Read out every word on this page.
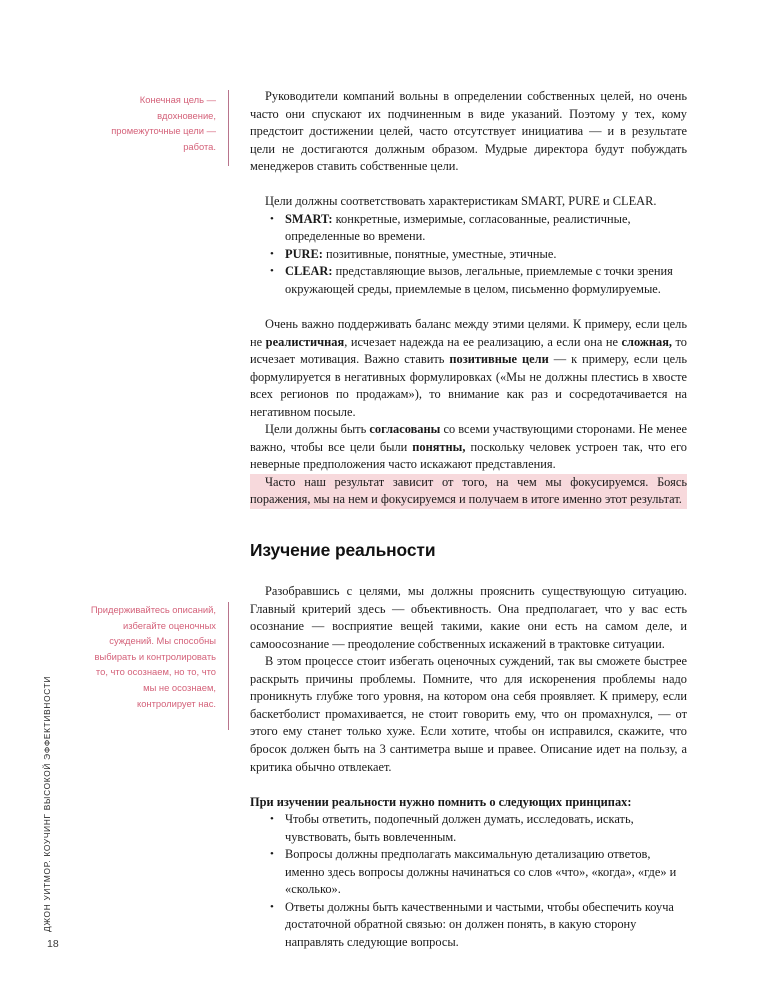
ДЖОН УИТМОР. КОУЧИНГ ВЫСОКОЙ ЭФФЕКТИВНОСТИ
18
Конечная цель — вдохновение, промежуточные цели — работа.
Придерживайтесь описаний, избегайте оценочных суждений. Мы способны выбирать и контролировать то, что осознаем, но то, что мы не осознаем, контролирует нас.

Руководители компаний вольны в определении собственных целей, но очень часто они спускают их подчиненным в виде указаний. Поэтому у тех, кому предстоит достижении целей, часто отсутствует инициатива — и в результате цели не достигаются должным образом. Мудрые директора будут побуждать менеджеров ставить собственные цели.

Цели должны соответствовать характеристикам SMART, PURE и CLEAR.

• SMART: конкретные, измеримые, согласованные, реалистичные, определенные во времени.
• PURE: позитивные, понятные, уместные, этичные.
• CLEAR: представляющие вызов, легальные, приемлемые с точки зрения окружающей среды, приемлемые в целом, письменно формулируемые.

Очень важно поддерживать баланс между этими целями. К примеру, если цель не реалистичная, исчезает надежда на ее реализацию, а если она не сложная, то исчезает мотивация. Важно ставить позитивные цели — к примеру, если цель формулируется в негативных формулировках («Мы не должны плестись в хвосте всех регионов по продажам»), то внимание как раз и сосредотачивается на негативном посыле.

Цели должны быть согласованы со всеми участвующими сторонами. Не менее важно, чтобы все цели были понятны, поскольку человек устроен так, что его неверные предположения часто искажают представления.

Часто наш результат зависит от того, на чем мы фокусируемся. Боясь поражения, мы на нем и фокусируемся и получаем в итоге именно этот результат.

Изучение реальности

Разобравшись с целями, мы должны прояснить существующую ситуацию. Главный критерий здесь — объективность. Она предполагает, что у вас есть осознание — восприятие вещей такими, какие они есть на самом деле, и самоосознание — преодоление собственных искажений в трактовке ситуации.

В этом процессе стоит избегать оценочных суждений, так вы сможете быстрее раскрыть причины проблемы. Помните, что для искоренения проблемы надо проникнуть глубже того уровня, на котором она себя проявляет. К примеру, если баскетболист промахивается, не стоит говорить ему, что он промахнулся, — от этого ему станет только хуже. Если хотите, чтобы он исправился, скажите, что бросок должен быть на 3 сантиметра выше и правее. Описание идет на пользу, а критика обычно отвлекает.

При изучении реальности нужно помнить о следующих принципах:

• Чтобы ответить, подопечный должен думать, исследовать, искать, чувствовать, быть вовлеченным.
• Вопросы должны предполагать максимальную детализацию ответов, именно здесь вопросы должны начинаться со слов «что», «когда», «где» и «сколько».
• Ответы должны быть качественными и частыми, чтобы обеспечить коуча достаточной обратной связью: он должен понять, в какую сторону направлять следующие вопросы.
